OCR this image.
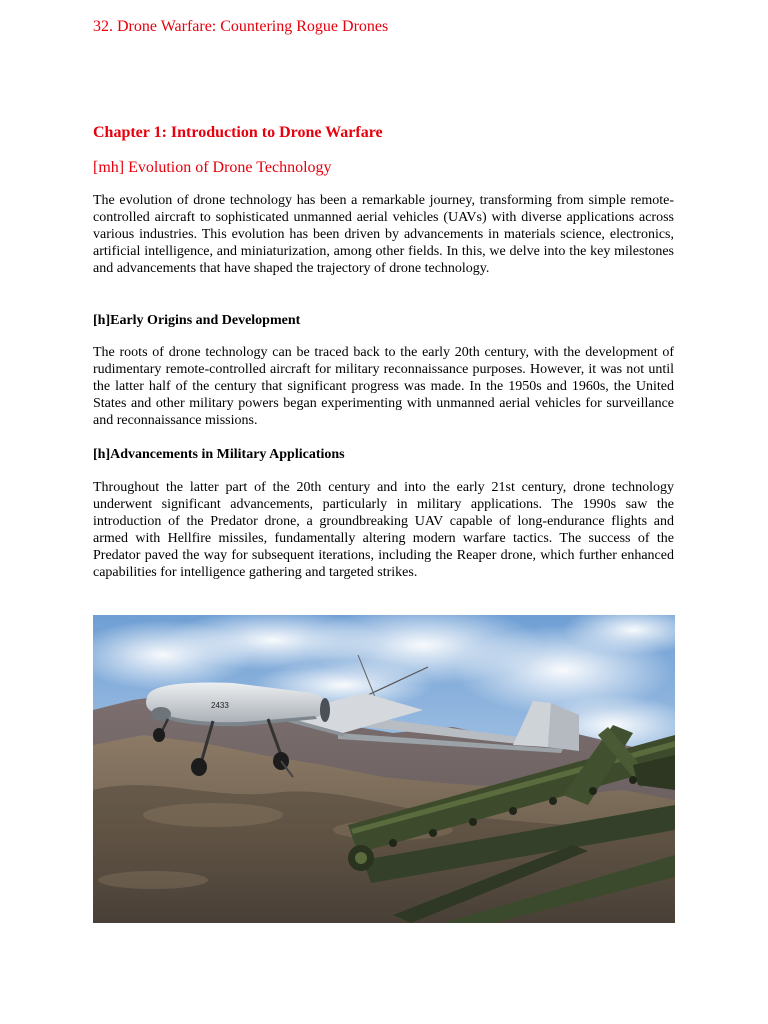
32. Drone Warfare: Countering Rogue Drones
Chapter 1: Introduction to Drone Warfare
[mh] Evolution of Drone Technology

The evolution of drone technology has been a remarkable journey, transforming from simple remote-controlled aircraft to sophisticated unmanned aerial vehicles (UAVs) with diverse applications across various industries. This evolution has been driven by advancements in materials science, electronics, artificial intelligence, and miniaturization, among other fields. In this, we delve into the key milestones and advancements that have shaped the trajectory of drone technology.

[h]Early Origins and Development

The roots of drone technology can be traced back to the early 20th century, with the development of rudimentary remote-controlled aircraft for military reconnaissance purposes. However, it was not until the latter half of the century that significant progress was made. In the 1950s and 1960s, the United States and other military powers began experimenting with unmanned aerial vehicles for surveillance and reconnaissance missions.

[h]Advancements in Military Applications

Throughout the latter part of the 20th century and into the early 21st century, drone technology underwent significant advancements, particularly in military applications. The 1990s saw the introduction of the Predator drone, a groundbreaking UAV capable of long-endurance flights and armed with Hellfire missiles, fundamentally altering modern warfare tactics. The success of the Predator paved the way for subsequent iterations, including the Reaper drone, which further enhanced capabilities for intelligence gathering and targeted strikes.

2433
